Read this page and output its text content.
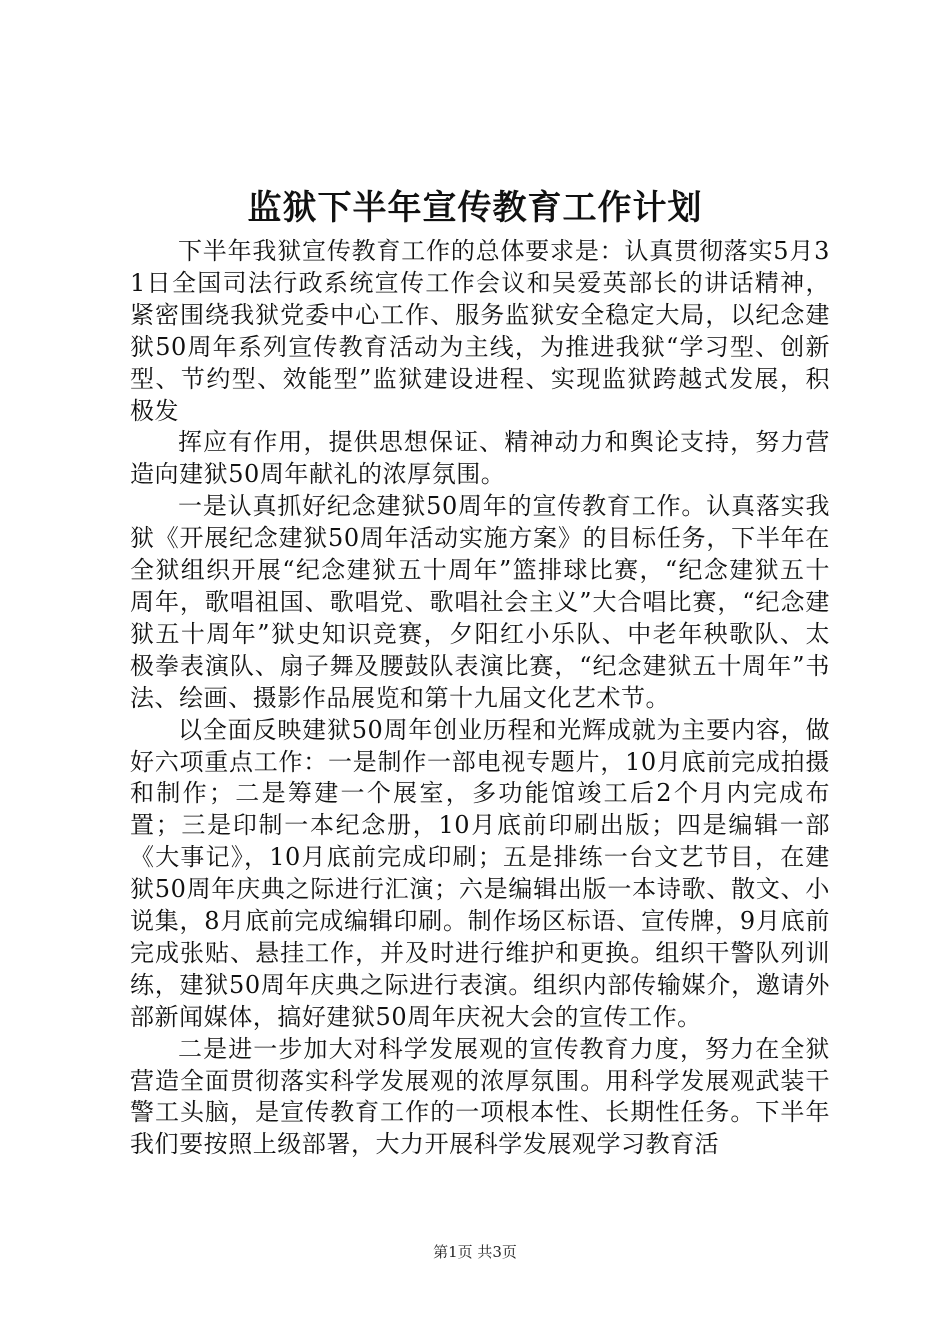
监狱下半年宣传教育工作计划

下半年我狱宣传教育工作的总体要求是：认真贯彻落实5月31日全国司法行政系统宣传工作会议和吴爱英部长的讲话精神，紧密围绕我狱党委中心工作、服务监狱安全稳定大局，以纪念建狱50周年系列宣传教育活动为主线，为推进我狱“学习型、创新型、节约型、效能型”监狱建设进程、实现监狱跨越式发展，积极发

挥应有作用，提供思想保证、精神动力和舆论支持，努力营造向建狱50周年献礼的浓厚氛围。

一是认真抓好纪念建狱50周年的宣传教育工作。认真落实我狱《开展纪念建狱50周年活动实施方案》的目标任务，下半年在全狱组织开展“纪念建狱五十周年”篮排球比赛，“纪念建狱五十周年，歌唱祖国、歌唱党、歌唱社会主义”大合唱比赛，“纪念建狱五十周年”狱史知识竞赛，夕阳红小乐队、中老年秧歌队、太极拳表演队、扇子舞及腰鼓队表演比赛，“纪念建狱五十周年”书法、绘画、摄影作品展览和第十九届文化艺术节。

以全面反映建狱50周年创业历程和光辉成就为主要内容，做好六项重点工作：一是制作一部电视专题片，10月底前完成拍摄和制作；二是筹建一个展室，多功能馆竣工后2个月内完成布置；三是印制一本纪念册，10月底前印刷出版；四是编辑一部《大事记》，10月底前完成印刷；五是排练一台文艺节目，在建狱50周年庆典之际进行汇演；六是编辑出版一本诗歌、散文、小说集，8月底前完成编辑印刷。制作场区标语、宣传牌，9月底前完成张贴、悬挂工作，并及时进行维护和更换。组织干警队列训练，建狱50周年庆典之际进行表演。组织内部传输媒介，邀请外部新闻媒体，搞好建狱50周年庆祝大会的宣传工作。

二是进一步加大对科学发展观的宣传教育力度，努力在全狱营造全面贯彻落实科学发展观的浓厚氛围。用科学发展观武装干警工头脑，是宣传教育工作的一项根本性、长期性任务。下半年我们要按照上级部署，大力开展科学发展观学习教育活

第1页 共3页
